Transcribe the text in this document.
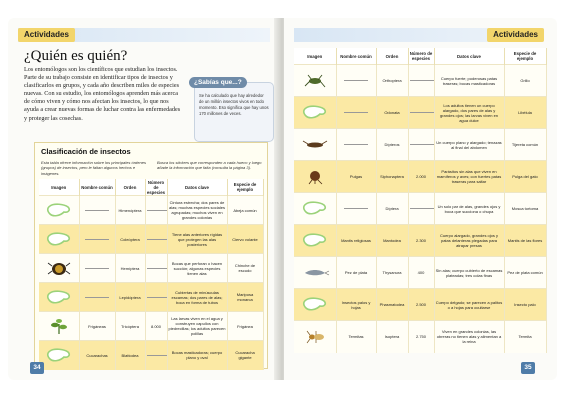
Actividades
¿Quién es quién?
Los entomólogos son los científicos que estudian los insectos. Parte de su trabajo consiste en identificar tipos de insectos y clasificarlos en grupos, y cada año describen miles de especies nuevas. Con su estudio, los entomólogos aprenden más acerca de cómo viven y cómo nos afectan los insectos, lo que nos ayuda a crear nuevas formas de luchar contra las enfermedades y proteger las cosechas.
¿Sabías que...?
Se ha calculado que hay alrededor de un millón insectos vivos en todo momento. Eso significa que hay unos 170 millones de veces.
Clasificación de insectos
Esta tabla ofrece información sobre los principales órdenes (grupos) de insectos, pero le faltan algunos hechos e imágenes.
Busca los stickers que corresponden a cada hueco y luego añade la información que falta (consulta la página 3).
Imagen	Nombre común	Orden	Número de especies	Datos clave	Especie de ejemplo

		Himenóptera		Cintura estrecha; dos pares de alas; muchas especies sociales agrupadas; muchos viven en grandes colonias	Abeja común

		Coleóptera		Tiene alas anteriores rígidas que protegen las alas posteriores	Ciervo volante

		Hemíptera		Bocas que perforan o hacen succión; algunas especies tienen alas	Chinche de escudo

		Lepidóptera		Cubiertas de minúsculas escamas; dos pares de alas; boca en forma de tubos	Mariposa monarca

	Frigáneas	Tricóptera	8.000	Las larvas viven en el agua y construyen capullos con piedrecillas; los adultos parecen polillas	Frigánea

	Cucarachas	Blattodea		Bocas masticadoras; cuerpo plano y oval	Cucaracha gigante
34
Actividades
Imagen	Nombre común	Orden	Número de especies	Datos clave	Especie de ejemplo

		Orthoptera		Cuerpo fuerte; poderosas patas traseras; bocas masticadoras	Grillo

		Odonata		Los adultos tienen un cuerpo alargado, dos pares de alas y grandes ojos; las larvas viven en agua dulce	Libélula

		Dípteros		Un cuerpo plano y alargado; tenazas al final del abdomen	Tijereta común

	Pulgas	Siphonaptera	2.000	Parásitos sin alas que viven en mamíferos y aves; con fuertes patas traseras para saltar	Pulga del gato

		Díptera		Un solo par de alas, grandes ojos y boca que succiona o chupa	Mosca tortoma

	Mantis religiosas	Mantodea	2.300	Cuerpo alargado, grandes ojos y patas delanteras plegadas para atrapar presas	Mantis de las flores

	Pez de plata	Thysanura	400	Sin alas; cuerpo cubierto de escamas plateadas; tres colas finas	Pez de plata común

	Insectos palos y hojas	Phasmatodea	2.500	Cuerpo delgado; se parecen a palitos o a hojas para ocultarse	Insecto palo

	Termitas	Isoptera	2.750	Viven en grandes colonias, las obreras no tienen alas y alimentan a la reina	Termita
35
